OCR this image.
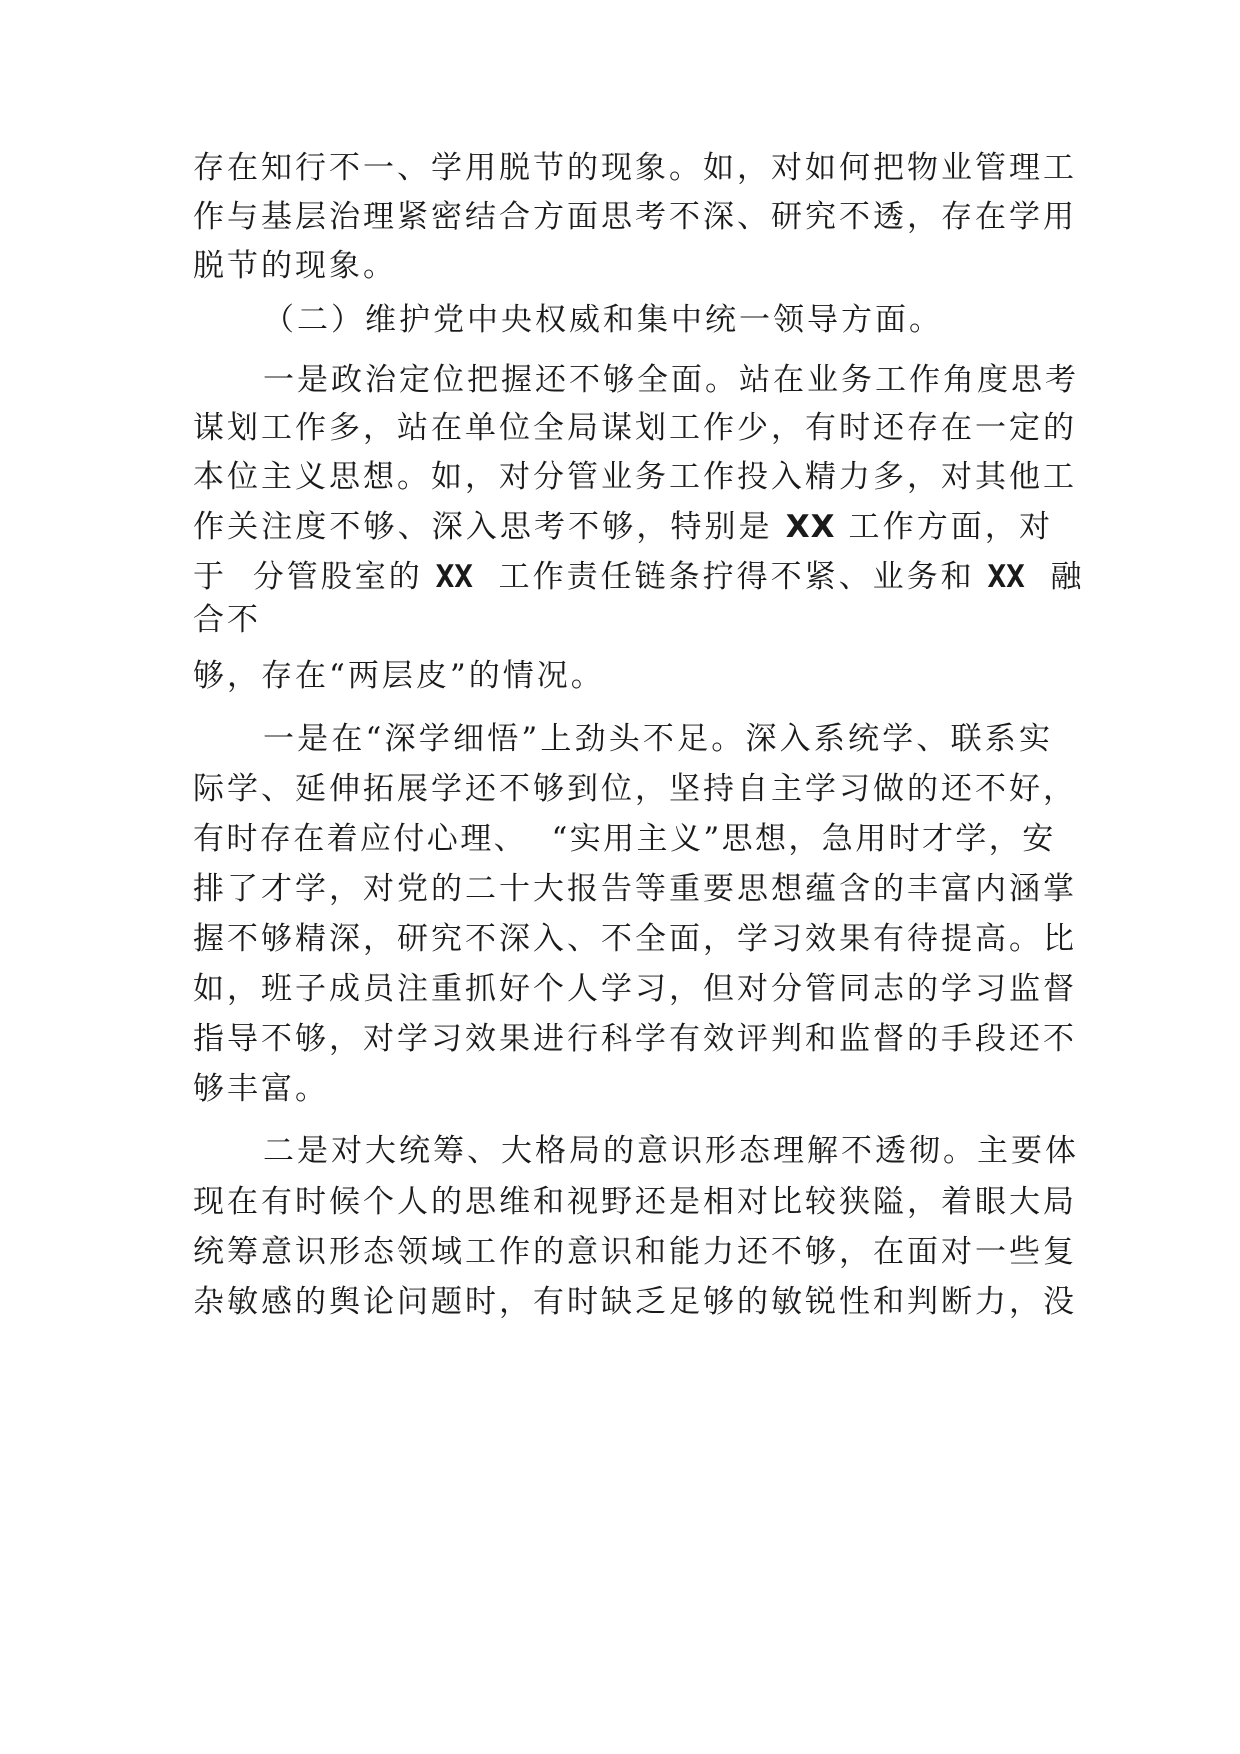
存在知行不一、学用脱节的现象。如，对如何把物业管理工
作与基层治理紧密结合方面思考不深、研究不透，存在学用
脱节的现象。
（二）维护党中央权威和集中统一领导方面。
一是政治定位把握还不够全面。站在业务工作角度思考
谋划工作多，站在单位全局谋划工作少，有时还存在一定的
本位主义思想。如，对分管业务工作投入精力多，对其他工
作关注度不够、深入思考不够，特别是 XX 工作方面，对
于  分管股室的 XX  工作责任链条拧得不紧、业务和 XX  融
合不
够，存在“两层皮”的情况。
一是在“深学细悟”上劲头不足。深入系统学、联系实
际学、延伸拓展学还不够到位，坚持自主学习做的还不好，
有时存在着应付心理、  “实用主义”思想，急用时才学，安
排了才学，对党的二十大报告等重要思想蕴含的丰富内涵掌
握不够精深，研究不深入、不全面，学习效果有待提高。比
如，班子成员注重抓好个人学习，但对分管同志的学习监督
指导不够，对学习效果进行科学有效评判和监督的手段还不
够丰富。
二是对大统筹、大格局的意识形态理解不透彻。主要体
现在有时候个人的思维和视野还是相对比较狭隘，着眼大局
统筹意识形态领域工作的意识和能力还不够，在面对一些复
杂敏感的舆论问题时，有时缺乏足够的敏锐性和判断力，没
